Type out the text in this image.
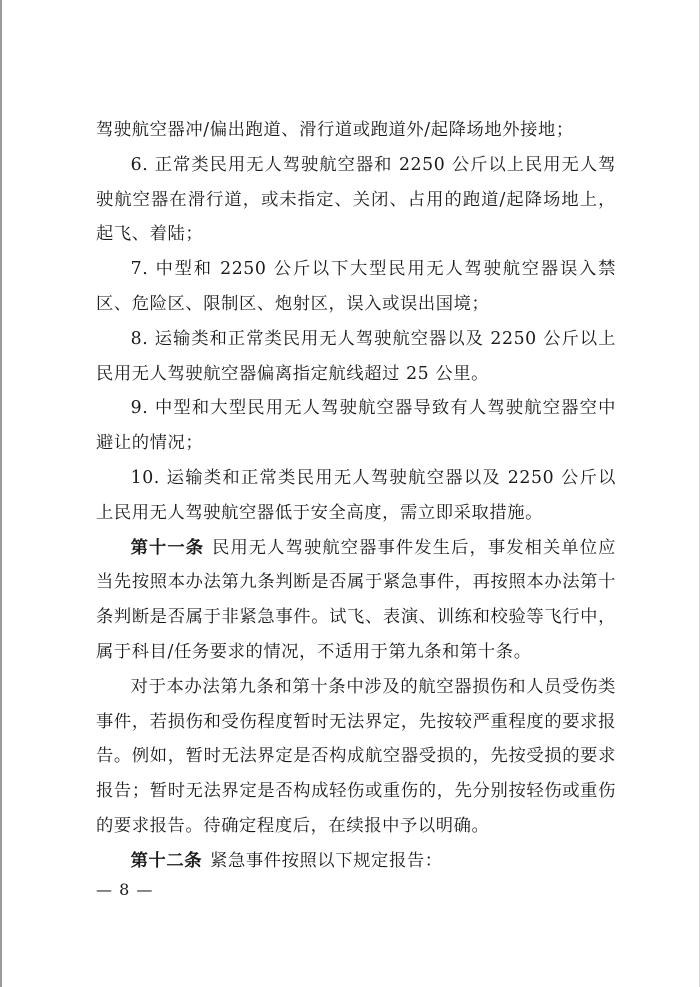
驾驶航空器冲/偏出跑道、滑行道或跑道外/起降场地外接地；

6. 正常类民用无人驾驶航空器和 2250 公斤以上民用无人驾驶航空器在滑行道，或未指定、关闭、占用的跑道/起降场地上，起飞、着陆；

7. 中型和 2250 公斤以下大型民用无人驾驶航空器误入禁区、危险区、限制区、炮射区，误入或误出国境；

8. 运输类和正常类民用无人驾驶航空器以及 2250 公斤以上民用无人驾驶航空器偏离指定航线超过 25 公里。

9. 中型和大型民用无人驾驶航空器导致有人驾驶航空器空中避让的情况；

10. 运输类和正常类民用无人驾驶航空器以及 2250 公斤以上民用无人驾驶航空器低于安全高度，需立即采取措施。

第十一条 民用无人驾驶航空器事件发生后，事发相关单位应当先按照本办法第九条判断是否属于紧急事件，再按照本办法第十条判断是否属于非紧急事件。试飞、表演、训练和校验等飞行中，属于科目/任务要求的情况，不适用于第九条和第十条。

对于本办法第九条和第十条中涉及的航空器损伤和人员受伤类事件，若损伤和受伤程度暂时无法界定，先按较严重程度的要求报告。例如，暂时无法界定是否构成航空器受损的，先按受损的要求报告；暂时无法界定是否构成轻伤或重伤的，先分别按轻伤或重伤的要求报告。待确定程度后，在续报中予以明确。

第十二条 紧急事件按照以下规定报告：

— 8 —
